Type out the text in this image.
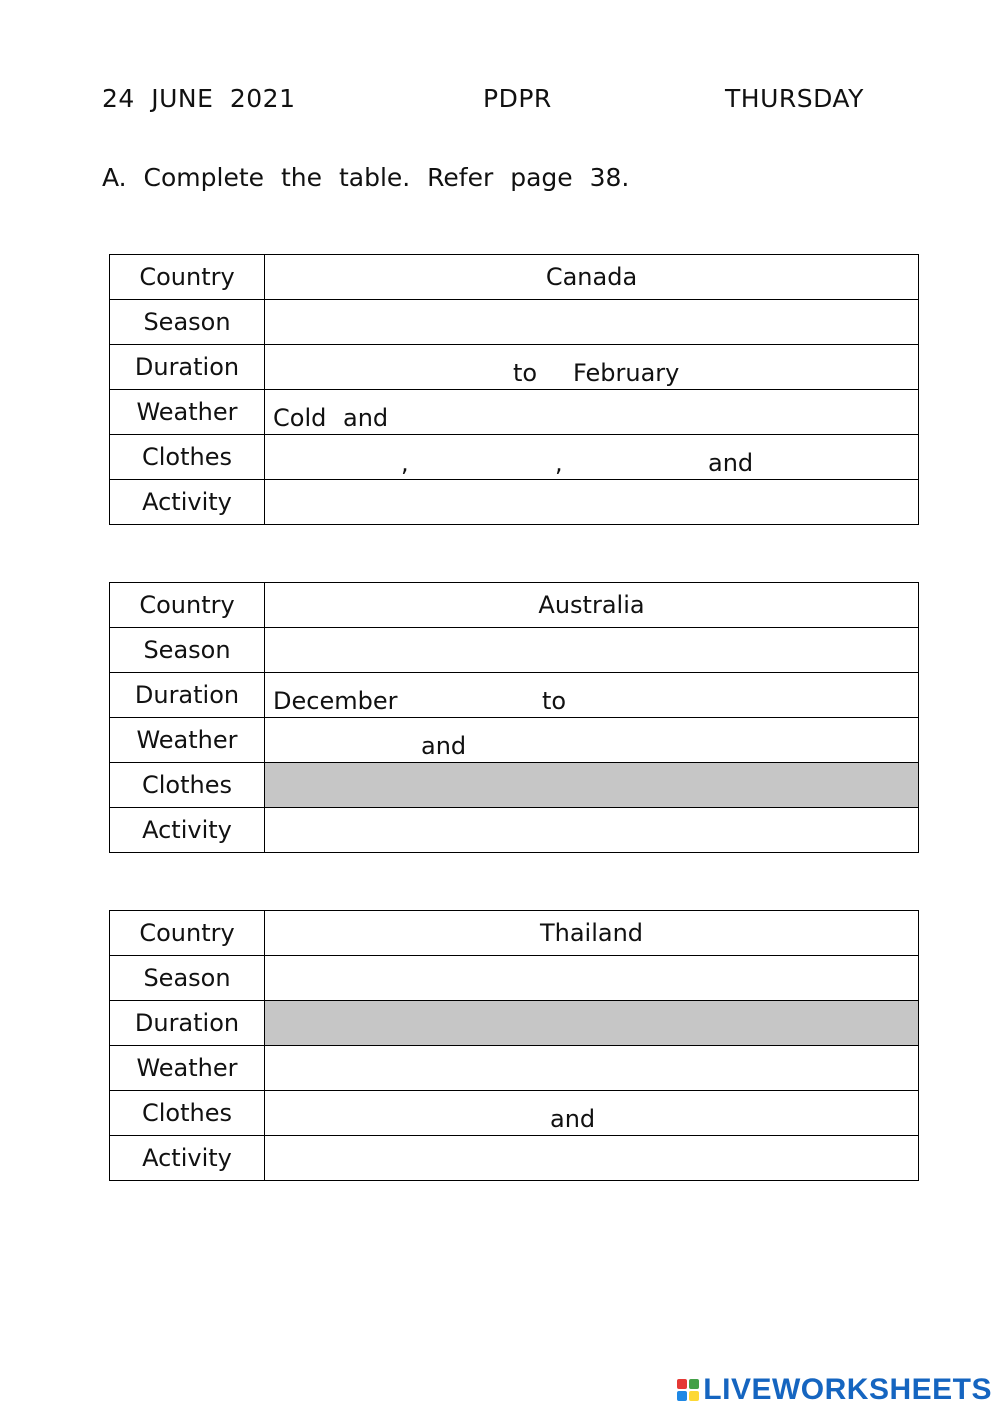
24 JUNE 2021	PDPR	THURSDAY
A. Complete the table. Refer page 38.
Country	Canada
Season	
Duration	to February

Weather	Cold and

Clothes	, , and

Activity	
Country	Australia
Season	
Duration	December to

Weather	and

Clothes	
Activity	
Country	Thailand
Season	
Duration	
Weather	
Clothes	and

Activity	
LIVEWORKSHEETS
